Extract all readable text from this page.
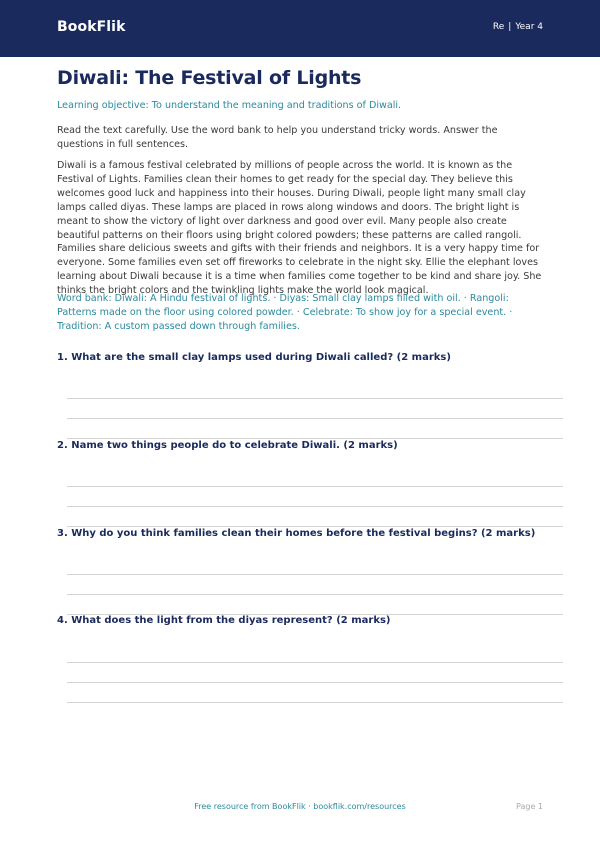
BookFlik	Re | Year 4
Diwali: The Festival of Lights

Learning objective: To understand the meaning and traditions of Diwali.

Read the text carefully. Use the word bank to help you understand tricky words. Answer the questions in full sentences.

Diwali is a famous festival celebrated by millions of people across the world. It is known as the Festival of Lights. Families clean their homes to get ready for the special day. They believe this welcomes good luck and happiness into their houses. During Diwali, people light many small clay lamps called diyas. These lamps are placed in rows along windows and doors. The bright light is meant to show the victory of light over darkness and good over evil. Many people also create beautiful patterns on their floors using bright colored powders; these patterns are called rangoli. Families share delicious sweets and gifts with their friends and neighbors. It is a very happy time for everyone. Some families even set off fireworks to celebrate in the night sky. Ellie the elephant loves learning about Diwali because it is a time when families come together to be kind and share joy. She thinks the bright colors and the twinkling lights make the world look magical.

Word bank: Diwali: A Hindu festival of lights. · Diyas: Small clay lamps filled with oil. · Rangoli: Patterns made on the floor using colored powder. · Celebrate: To show joy for a special event. · Tradition: A custom passed down through families.

1. What are the small clay lamps used during Diwali called? (2 marks)
2. Name two things people do to celebrate Diwali. (2 marks)
3. Why do you think families clean their homes before the festival begins? (2 marks)
4. What does the light from the diyas represent? (2 marks)
Free resource from BookFlik · bookflik.com/resources	Page 1
